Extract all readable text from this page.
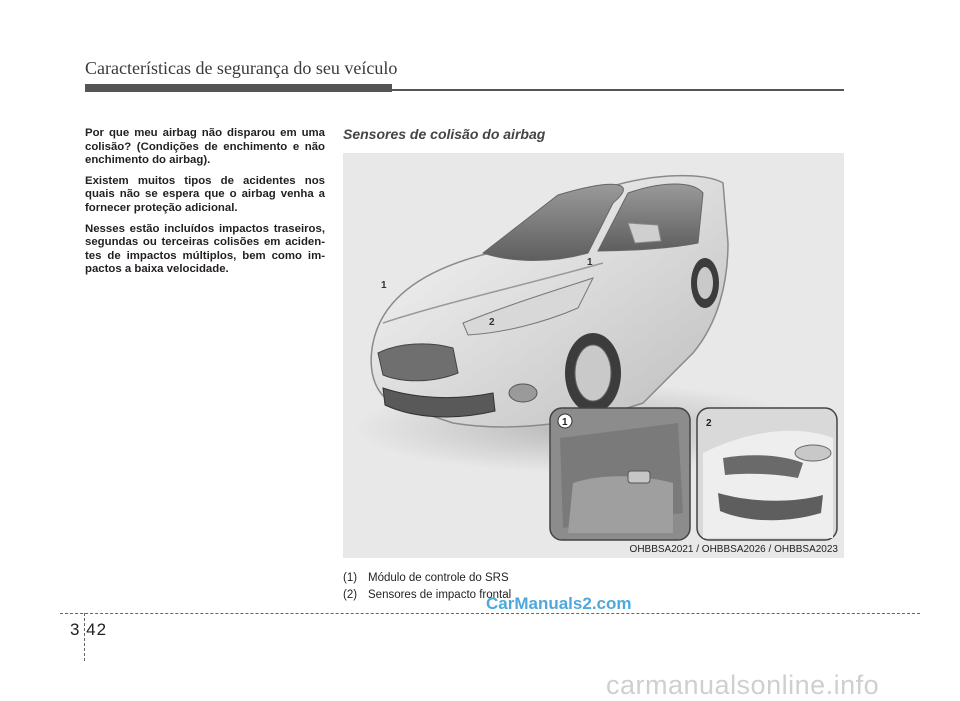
Características de segurança do seu veículo

Por que meu airbag não disparou em uma colisão? (Condições de enchimento e não enchimento do airbag).

Existem muitos tipos de acidentes nos quais não se espera que o airbag venha a fornecer proteção adicional.

Nesses estão incluídos impactos traseiros, segundas ou terceiras colisões em aciden-tes de impactos múltiplos, bem como im-pactos a baixa velocidade.

Sensores de colisão do airbag
1
2
1
1	2
OHBBSA2021 / OHBBSA2026 / OHBBSA2023
(1) Módulo de controle do SRS
(2) Sensores de impacto frontal
3 42
CarManuals2.com
carmanualsonline.info
